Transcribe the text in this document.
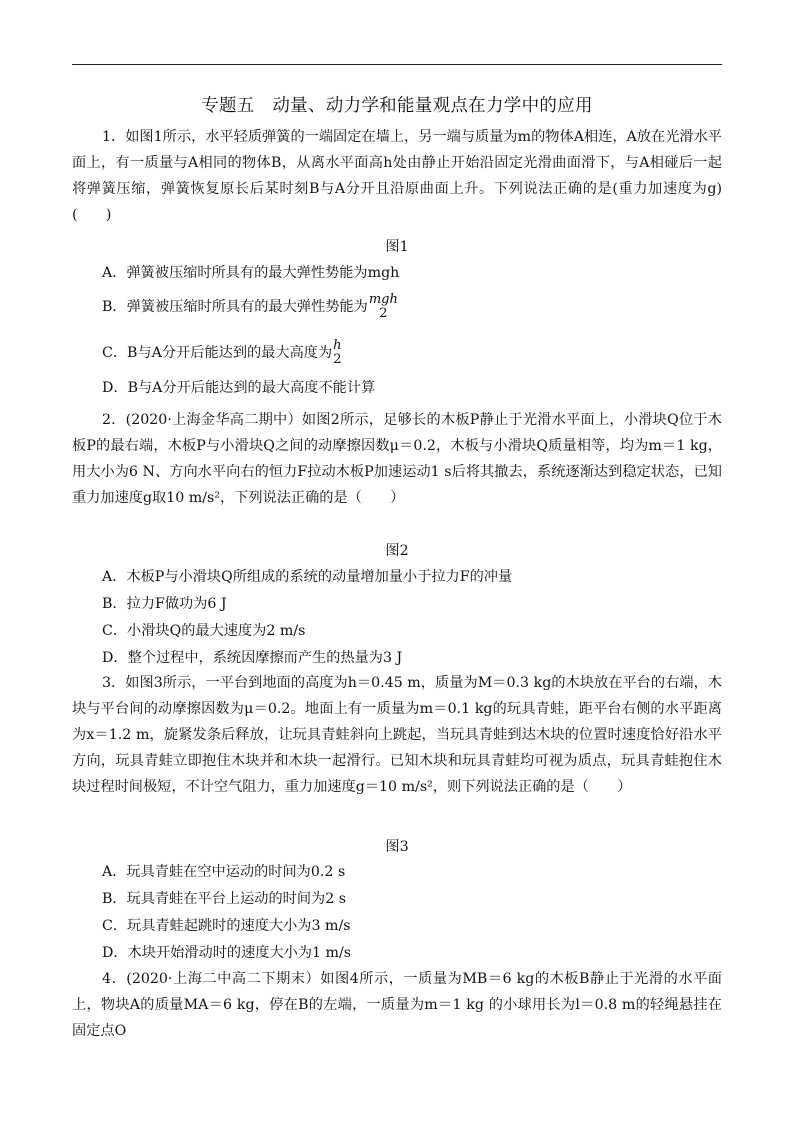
专题五　动量、动力学和能量观点在力学中的应用
1．如图1所示，水平轻质弹簧的一端固定在墙上，另一端与质量为m的物体A相连，A放在光滑水平面上，有一质量与A相同的物体B，从离水平面高h处由静止开始沿固定光滑曲面滑下，与A相碰后一起将弹簧压缩，弹簧恢复原长后某时刻B与A分开且沿原曲面上升。下列说法正确的是(重力加速度为g)(　　)
图1
A．弹簧被压缩时所具有的最大弹性势能为mgh
B．弹簧被压缩时所具有的最大弹性势能为 mgh
2
C．B与A分开后能达到的最大高度为 h
2
D．B与A分开后能达到的最大高度不能计算
2．(2020·上海金华高二期中）如图2所示，足够长的木板P静止于光滑水平面上，小滑块Q位于木板P的最右端，木板P与小滑块Q之间的动摩擦因数μ＝0.2，木板与小滑块Q质量相等，均为m＝1 kg，用大小为6 N、方向水平向右的恒力F拉动木板P加速运动1 s后将其撤去，系统逐渐达到稳定状态，已知重力加速度g取10 m/s²，下列说法正确的是（　　）
图2
A．木板P与小滑块Q所组成的系统的动量增加量小于拉力F的冲量
B．拉力F做功为6 J
C．小滑块Q的最大速度为2 m/s
D．整个过程中，系统因摩擦而产生的热量为3 J
3．如图3所示，一平台到地面的高度为h＝0.45 m，质量为M＝0.3 kg的木块放在平台的右端，木块与平台间的动摩擦因数为μ＝0.2。地面上有一质量为m＝0.1 kg的玩具青蛙，距平台右侧的水平距离为x＝1.2 m，旋紧发条后释放，让玩具青蛙斜向上跳起，当玩具青蛙到达木块的位置时速度恰好沿水平方向，玩具青蛙立即抱住木块并和木块一起滑行。已知木块和玩具青蛙均可视为质点，玩具青蛙抱住木块过程时间极短，不计空气阻力，重力加速度g＝10 m/s²，则下列说法正确的是（　　）
图3
A．玩具青蛙在空中运动的时间为0.2 s
B．玩具青蛙在平台上运动的时间为2 s
C．玩具青蛙起跳时的速度大小为3 m/s
D．木块开始滑动时的速度大小为1 m/s
4．(2020·上海二中高二下期末）如图4所示，一质量为MB＝6 kg的木板B静止于光滑的水平面上，物块A的质量MA＝6 kg，停在B的左端，一质量为m＝1 kg 的小球用长为l＝0.8 m的轻绳悬挂在固定点O
